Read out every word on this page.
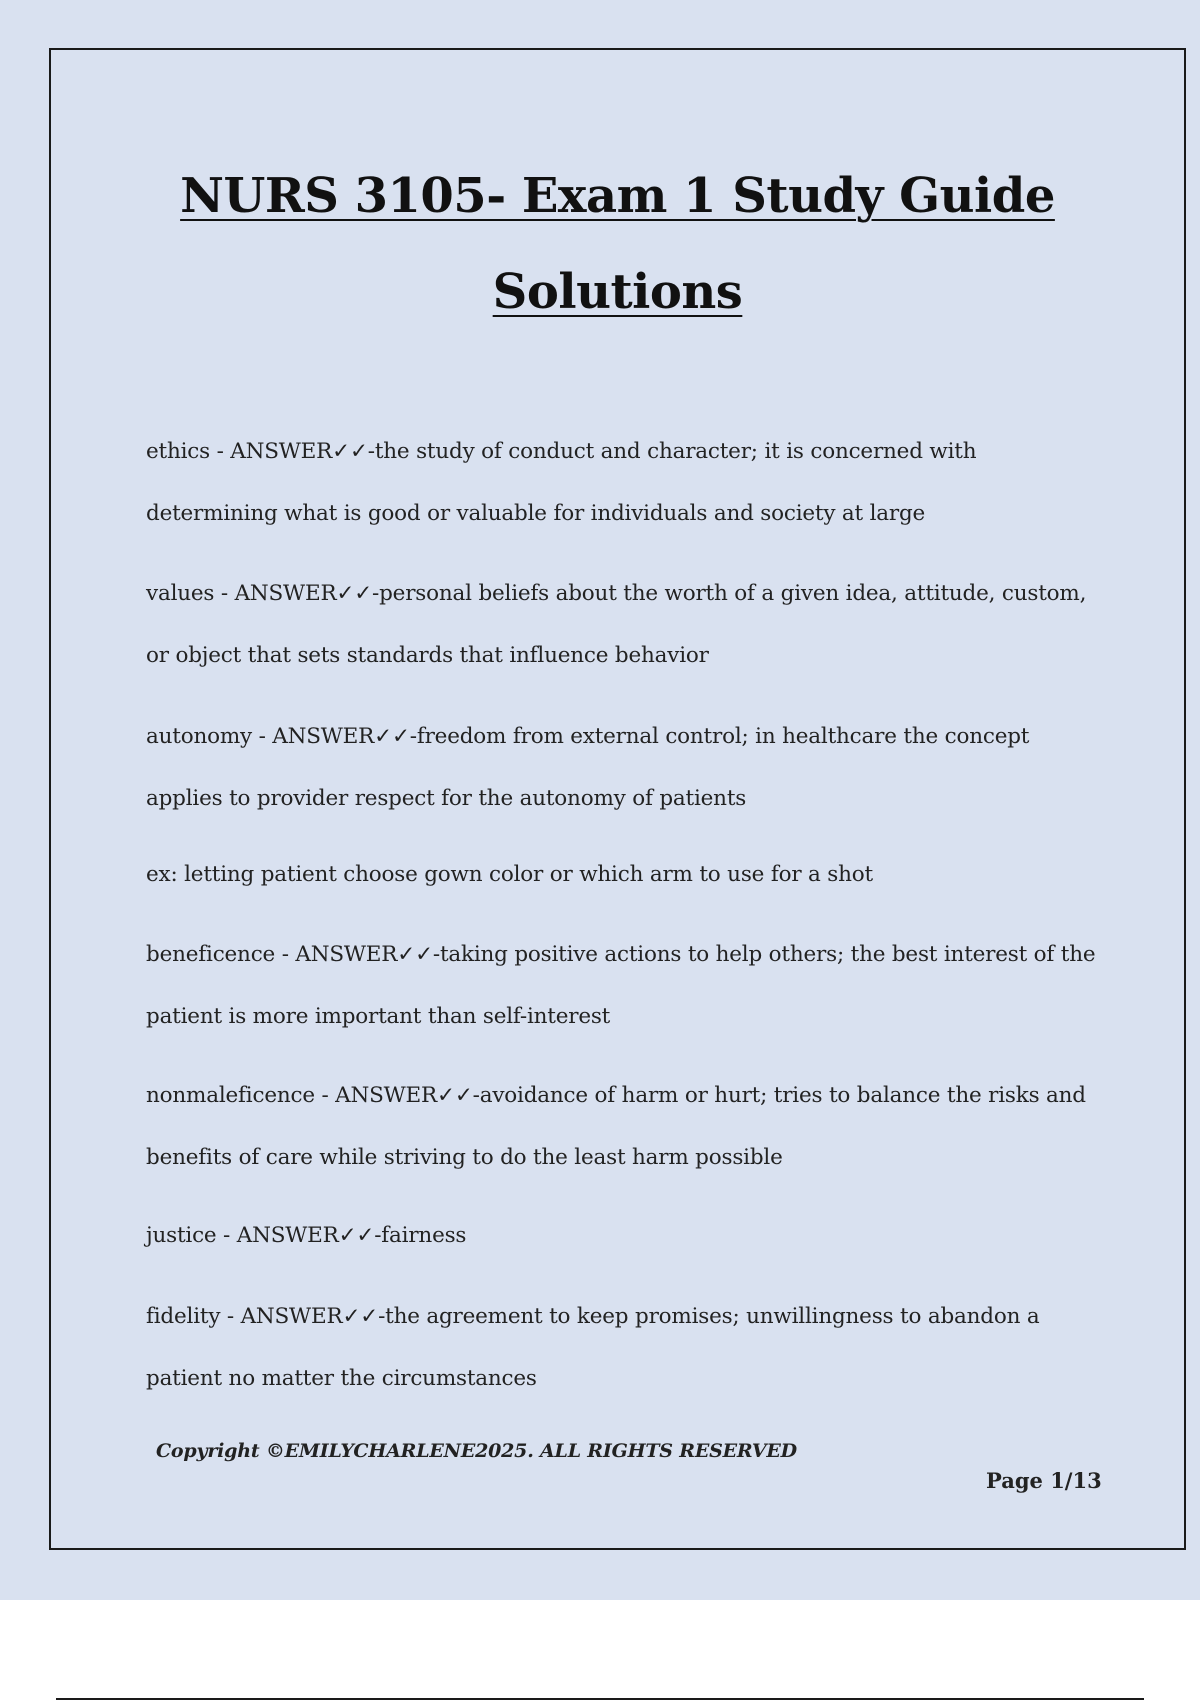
NURS 3105- Exam 1 Study Guide
Solutions

ethics - ANSWER✓✓-the study of conduct and character; it is concerned with determining what is good or valuable for individuals and society at large

values - ANSWER✓✓-personal beliefs about the worth of a given idea, attitude, custom, or object that sets standards that influence behavior

autonomy - ANSWER✓✓-freedom from external control; in healthcare the concept applies to provider respect for the autonomy of patients

ex: letting patient choose gown color or which arm to use for a shot

beneficence - ANSWER✓✓-taking positive actions to help others; the best interest of the patient is more important than self-interest

nonmaleficence - ANSWER✓✓-avoidance of harm or hurt; tries to balance the risks and benefits of care while striving to do the least harm possible

justice - ANSWER✓✓-fairness

fidelity - ANSWER✓✓-the agreement to keep promises; unwillingness to abandon a patient no matter the circumstances

Copyright ©EMILYCHARLENE2025. ALL RIGHTS RESERVED
Page 1/13
